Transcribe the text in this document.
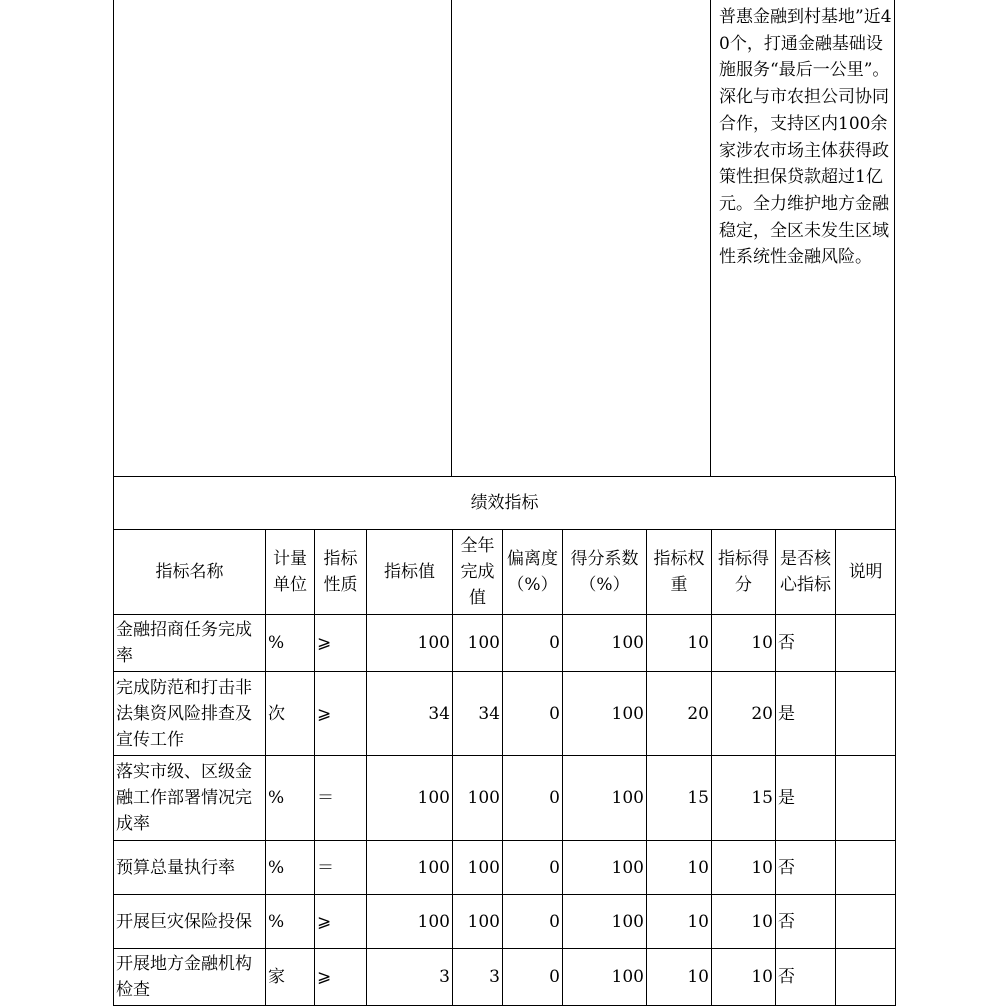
普惠金融到村基地”近40个，打通金融基础设施服务“最后一公里”。深化与市农担公司协同合作，支持区内100余家涉农市场主体获得政策性担保贷款超过1亿元。全力维护地方金融稳定，全区未发生区域性系统性金融风险。
绩效指标										
指标名称	计量单位	指标性质	指标值	全年完成值	偏离度（%）	得分系数（%）	指标权重	指标得分	是否核心指标	说明
金融招商任务完成率	%	⩾	100	100	0	100	10	10	否	
完成防范和打击非法集资风险排查及宣传工作	次	⩾	34	34	0	100	20	20	是	
落实市级、区级金融工作部署情况完成率	%	＝	100	100	0	100	15	15	是	
预算总量执行率	%	＝	100	100	0	100	10	10	否	
开展巨灾保险投保	%	⩾	100	100	0	100	10	10	否	
开展地方金融机构检查	家	⩾	3	3	0	100	10	10	否	
